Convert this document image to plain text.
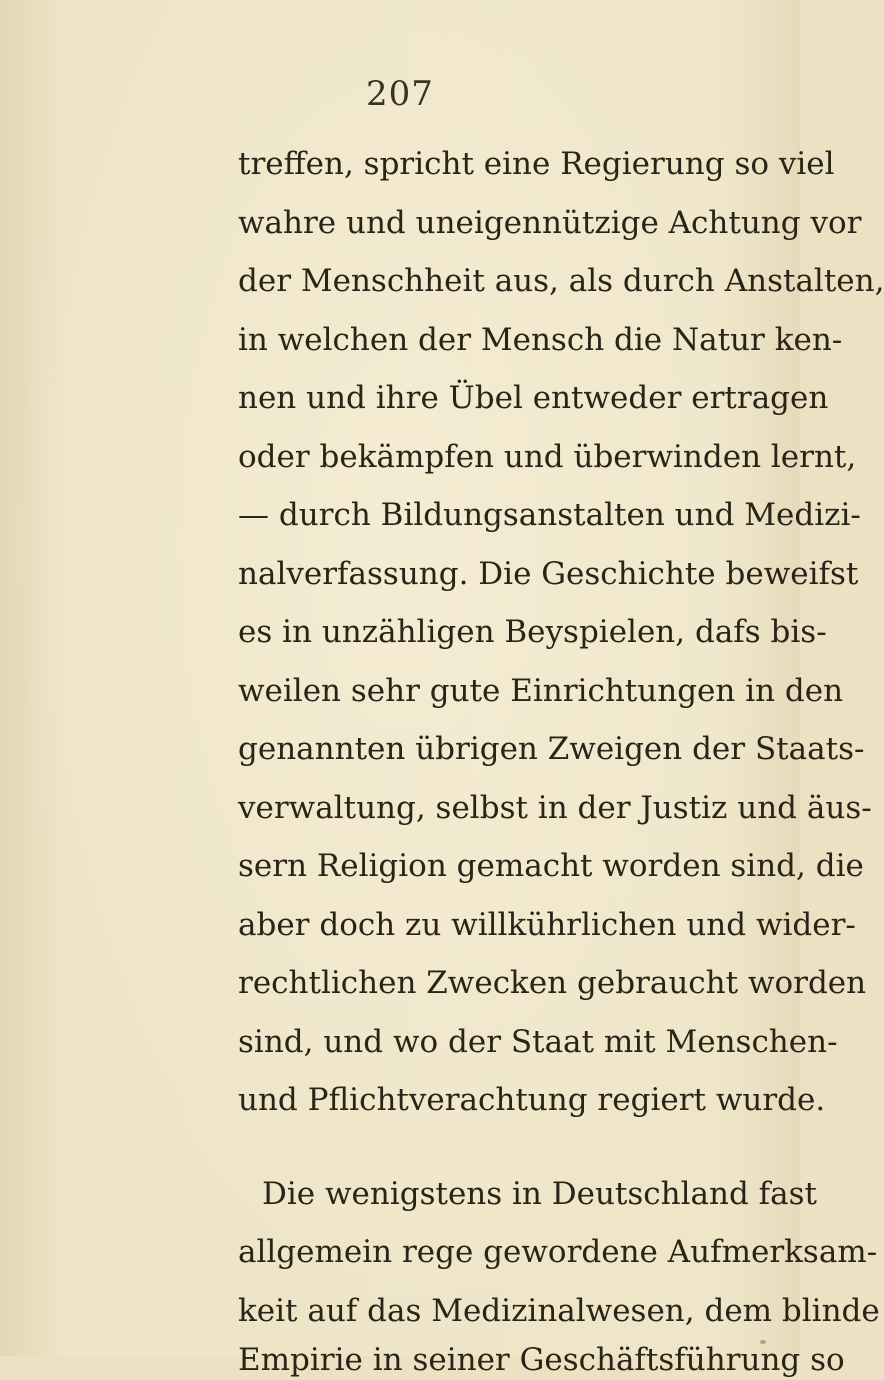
207
treffen, spricht eine Regierung so viel
wahre und uneigennützige Achtung vor
der Menschheit aus, als durch Anstalten,
in welchen der Mensch die Natur ken-
nen und ihre Übel entweder ertragen
oder bekämpfen und überwinden lernt,
— durch Bildungsanstalten und Medizi-
nalverfassung. Die Geschichte beweifst
es in unzähligen Beyspielen, dafs bis-
weilen sehr gute Einrichtungen in den
genannten übrigen Zweigen der Staats-
verwaltung, selbst in der Justiz und äus-
sern Religion gemacht worden sind, die
aber doch zu willkührlichen und wider-
rechtlichen Zwecken gebraucht worden
sind, und wo der Staat mit Menschen-
und Pflichtverachtung regiert wurde.
Die wenigstens in Deutschland fast
allgemein rege gewordene Aufmerksam-
keit auf das Medizinalwesen, dem blinde
Empirie in seiner Geschäftsführung so
